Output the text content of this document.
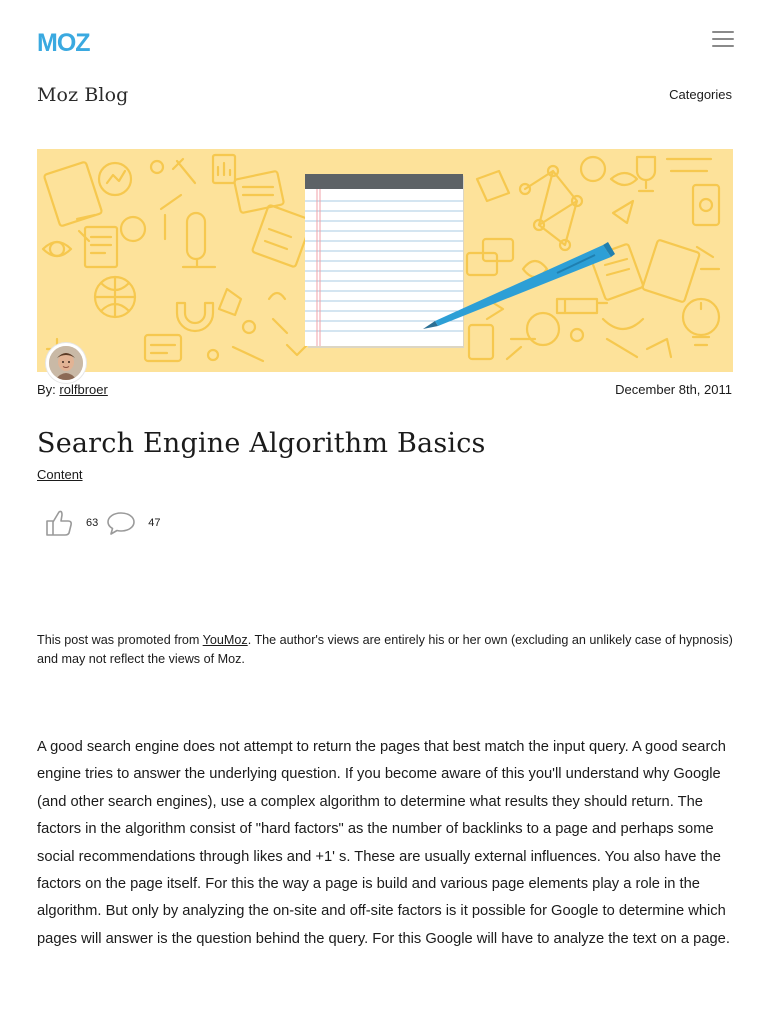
MOZ
Moz Blog	Categories
By: rolfbroer	December 8th, 2011
Search Engine Algorithm Basics
Content
63	47

This post was promoted from YouMoz. The author's views are entirely his or her own (excluding an unlikely case of hypnosis) and may not reflect the views of Moz.

A good search engine does not attempt to return the pages that best match the input query. A good search engine tries to answer the underlying question. If you become aware of this you'll understand why Google (and other search engines), use a complex algorithm to determine what results they should return. The factors in the algorithm consist of "hard factors" as the number of backlinks to a page and perhaps some social recommendations through likes and +1' s. These are usually external influences. You also have the factors on the page itself. For this the way a page is build and various page elements play a role in the algorithm. But only by analyzing the on-site and off-site factors is it possible for Google to determine which pages will answer is the question behind the query. For this Google will have to analyze the text on a page.
